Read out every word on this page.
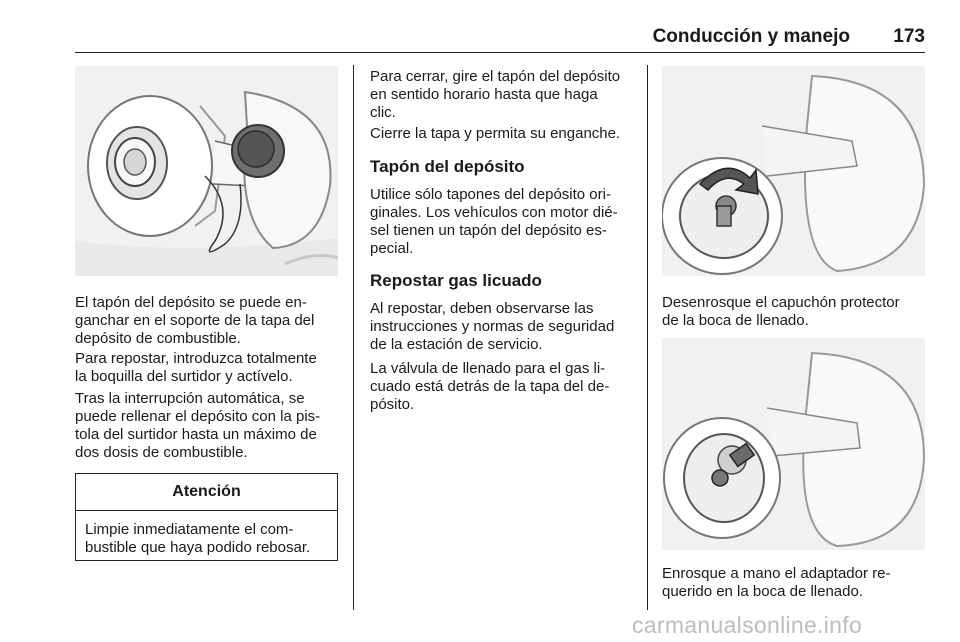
Conducción y manejo	173

El tapón del depósito se puede en-
ganchar en el soporte de la tapa del
depósito de combustible.

Para repostar, introduzca totalmente
la boquilla del surtidor y actívelo.

Tras la interrupción automática, se
puede rellenar el depósito con la pis-
tola del surtidor hasta un máximo de
dos dosis de combustible.

Atención

Limpie inmediatamente el com-
bustible que haya podido rebosar.

Para cerrar, gire el tapón del depósito
en sentido horario hasta que haga
clic.

Cierre la tapa y permita su enganche.

Tapón del depósito

Utilice sólo tapones del depósito ori-
ginales. Los vehículos con motor dié-
sel tienen un tapón del depósito es-
pecial.

Repostar gas licuado

Al repostar, deben observarse las
instrucciones y normas de seguridad
de la estación de servicio.

La válvula de llenado para el gas li-
cuado está detrás de la tapa del de-
pósito.

Desenrosque el capuchón protector
de la boca de llenado.
Enrosque a mano el adaptador re-
querido en la boca de llenado.
carmanualsonline.info
